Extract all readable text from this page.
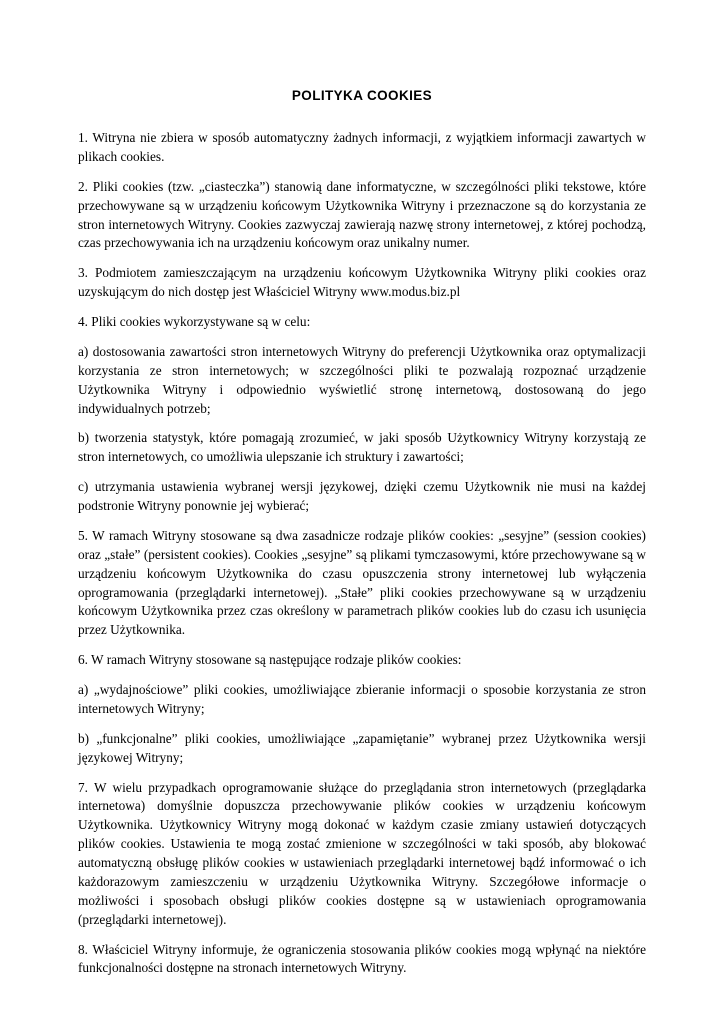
POLITYKA COOKIES

1. Witryna nie zbiera w sposób automatyczny żadnych informacji, z wyjątkiem informacji zawartych w plikach cookies.

2. Pliki cookies (tzw. „ciasteczka”) stanowią dane informatyczne, w szczególności pliki tekstowe, które przechowywane są w urządzeniu końcowym Użytkownika Witryny i przeznaczone są do korzystania ze stron internetowych Witryny. Cookies zazwyczaj zawierają nazwę strony internetowej, z której pochodzą, czas przechowywania ich na urządzeniu końcowym oraz unikalny numer.

3. Podmiotem zamieszczającym na urządzeniu końcowym Użytkownika Witryny pliki cookies oraz uzyskującym do nich dostęp jest Właściciel Witryny www.modus.biz.pl

4. Pliki cookies wykorzystywane są w celu:

a) dostosowania zawartości stron internetowych Witryny do preferencji Użytkownika oraz optymalizacji korzystania ze stron internetowych; w szczególności pliki te pozwalają rozpoznać urządzenie Użytkownika Witryny i odpowiednio wyświetlić stronę internetową, dostosowaną do jego indywidualnych potrzeb;

b) tworzenia statystyk, które pomagają zrozumieć, w jaki sposób Użytkownicy Witryny korzystają ze stron internetowych, co umożliwia ulepszanie ich struktury i zawartości;

c) utrzymania ustawienia wybranej wersji językowej, dzięki czemu Użytkownik nie musi na każdej podstronie Witryny ponownie jej wybierać;

5. W ramach Witryny stosowane są dwa zasadnicze rodzaje plików cookies: „sesyjne” (session cookies) oraz „stałe” (persistent cookies). Cookies „sesyjne” są plikami tymczasowymi, które przechowywane są w urządzeniu końcowym Użytkownika do czasu opuszczenia strony internetowej lub wyłączenia oprogramowania (przeglądarki internetowej). „Stałe” pliki cookies przechowywane są w urządzeniu końcowym Użytkownika przez czas określony w parametrach plików cookies lub do czasu ich usunięcia przez Użytkownika.

6. W ramach Witryny stosowane są następujące rodzaje plików cookies:

a) „wydajnościowe” pliki cookies, umożliwiające zbieranie informacji o sposobie korzystania ze stron internetowych Witryny;

b) „funkcjonalne” pliki cookies, umożliwiające „zapamiętanie” wybranej przez Użytkownika wersji językowej Witryny;

7. W wielu przypadkach oprogramowanie służące do przeglądania stron internetowych (przeglądarka internetowa) domyślnie dopuszcza przechowywanie plików cookies w urządzeniu końcowym Użytkownika. Użytkownicy Witryny mogą dokonać w każdym czasie zmiany ustawień dotyczących plików cookies. Ustawienia te mogą zostać zmienione w szczególności w taki sposób, aby blokować automatyczną obsługę plików cookies w ustawieniach przeglądarki internetowej bądź informować o ich każdorazowym zamieszczeniu w urządzeniu Użytkownika Witryny. Szczegółowe informacje o możliwości i sposobach obsługi plików cookies dostępne są w ustawieniach oprogramowania (przeglądarki internetowej).

8. Właściciel Witryny informuje, że ograniczenia stosowania plików cookies mogą wpłynąć na niektóre funkcjonalności dostępne na stronach internetowych Witryny.
